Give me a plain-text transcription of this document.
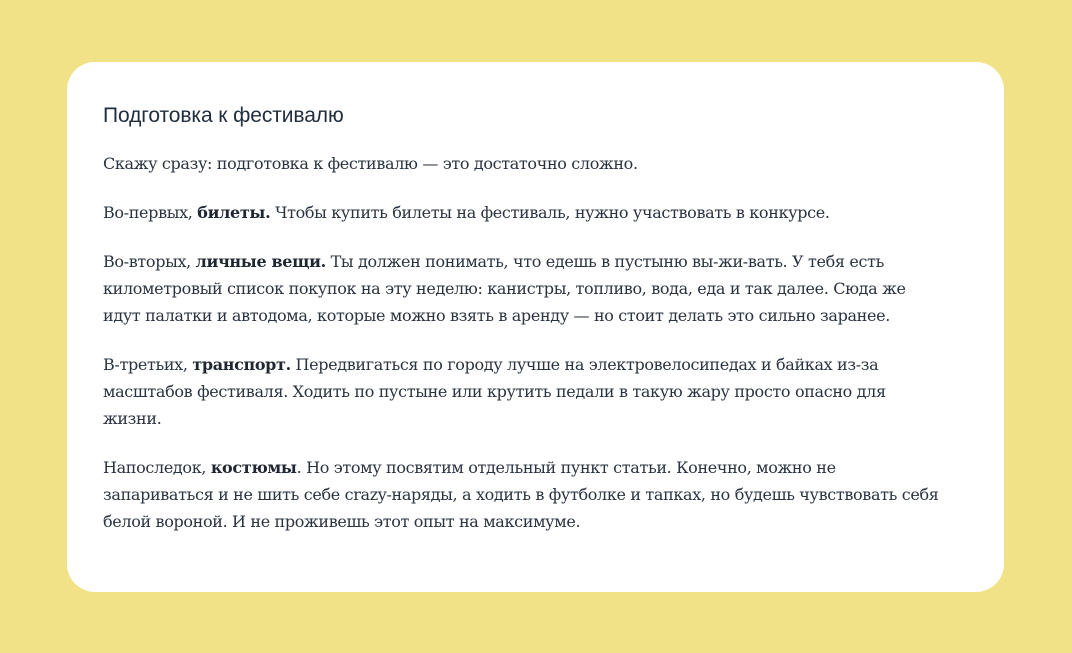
Подготовка к фестивалю

Скажу сразу: подготовка к фестивалю — это достаточно сложно.

Во-первых, билеты. Чтобы купить билеты на фестиваль, нужно участвовать в конкурсе.

Во-вторых, личные вещи. Ты должен понимать, что едешь в пустыню вы-жи-вать. У тебя есть километровый список покупок на эту неделю: канистры, топливо, вода, еда и так далее. Сюда же идут палатки и автодома, которые можно взять в аренду — но стоит делать это сильно заранее.

В-третьих, транспорт. Передвигаться по городу лучше на электровелосипедах и байках из-за масштабов фестиваля. Ходить по пустыне или крутить педали в такую жару просто опасно для жизни.

Напоследок, костюмы. Но этому посвятим отдельный пункт статьи. Конечно, можно не запариваться и не шить себе crazy-наряды, а ходить в футболке и тапках, но будешь чувствовать себя белой вороной. И не проживешь этот опыт на максимуме.
